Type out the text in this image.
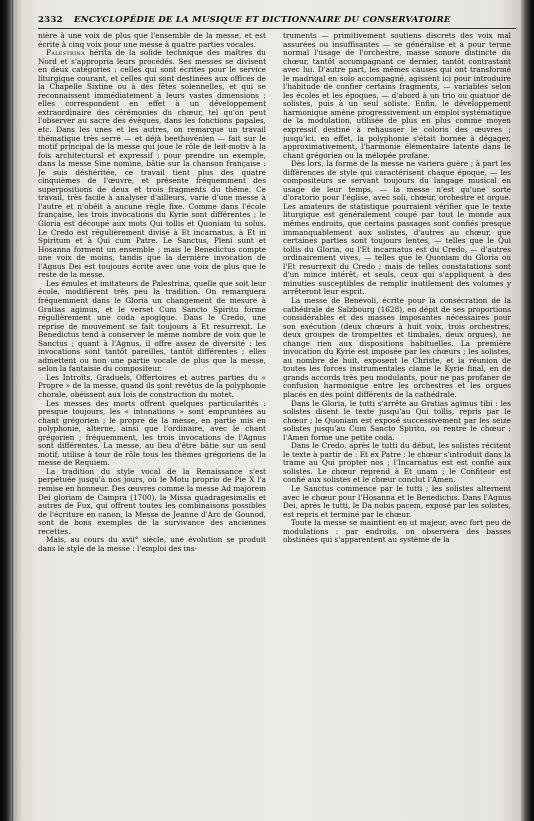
2332 ENCYCLOPÉDIE DE LA MUSIQUE ET DICTIONNAIRE DU CONSERVATOIRE

nière à une voix de plus que l'ensemble de la messe, et est écrite à cinq voix pour une messe à quatre parties vocales.

Palestrina hérita de la solide technique des maîtres du Nord et s'appropria leurs procédés. Ses messes se divisent en deux catégories : celles qui sont écrites pour le service liturgique courant, et celles qui sont destinées aux offices de la Chapelle Sixtine ou à des fêtes solennelles, et qui se reconnaissent immédiatement à leurs vastes dimensions ; elles correspondent en effet à un développement extraordinaire des cérémonies du chœur, tel qu'on peut l'observer au sacre des évêques, dans les fonctions papales, etc. Dans les unes et les autres, on remarque un travail thématique très serré — et déjà beethovénien — fait sur le motif principal de la messe qui joue le rôle de leit-motiv à la fois architectural et expressif ; pour prendre un exemple, dans la messe Sine nomine, bâtie sur la chanson française : Je suis déshéritée, ce travail tient plus des quatre cinquièmes de l'œuvre, et présente fréquemment des superpositions de deux et trois fragments du thème. Ce travail, très facile à analyser d'ailleurs, varie d'une messe à l'autre et n'obéit à aucune règle fixe. Comme dans l'école française, les trois invocations du Kyrie sont différentes ; le Gloria est découpé aux mots Qui tollis et Quoniam tu solus. Le Credo est régulièrement divisé à Et incarnatus, à Et in Spiritum et à Qui cum Patre. Le Sanctus, Pleni sunt et Hosanna forment un ensemble ; mais le Benedictus compte une voix de moins, tandis que la dernière invocation de l'Agnus Dei est toujours écrite avec une voix de plus que le reste de la messe.

Les émules et imitateurs de Palestrina, quelle que soit leur école, modifièrent très peu la tradition. On remarquera fréquemment dans le Gloria un changement de mesure à Gratias agimus, et le verset Cum Sancto Spiritu forme régulièrement une coda apogique. Dans le Credo, une reprise de mouvement se fait toujours à Et resurrexit. Le Benedictus tend à conserver le même nombre de voix que le Sanctus ; quant à l'Agnus, il offre assez de diversité : les invocations sont tantôt pareilles, tantôt différentes ; elles admettent ou non une partie vocale de plus que la messe, selon la fantaisie du compositeur.

Les Introïts, Graduels, Offertoires et autres parties du « Propre » de la messe, quand ils sont revêtus de la polyphonie chorale, obéissent aux lois de construction du motet.

Les messes des morts offrent quelques particularités : presque toujours, les « intonations » sont empruntées au chant grégorien ; le propre de la messe, en partie mis en polyphonie, alterne, ainsi que l'ordinaire, avec le chant grégorien ; fréquemment, les trois invocations de l'Agnus sont différentes. La messe, au lieu d'être bâtie sur un seul motif, utilise à tour de rôle tous les thèmes grégoriens de la messe de Requiem.

La tradition du style vocal de la Renaissance s'est perpétuée jusqu'à nos jours, où le Motu proprio de Pie X l'a remise en honneur. Des œuvres comme la messe Ad majorem Dei gloriam de Campra (1700), la Missa quadragesimalis et autres de Fux, qui offrent toutes les combinaisons possibles de l'écriture en canon, la Messe de Jeanne d'Arc de Gounod, sont de bons exemples de la survivance des anciennes recettes.

Mais, au cours du xvii° siècle, une évolution se produit dans le style de la messe : l'emploi des ins-

truments — primitivement soutiens discrets des voix mal assurées ou insuffisantes — se généralise et a pour terme normal l'usage de l'orchestre, masse sonore distincte du chœur, tantôt accompagnant ce dernier, tantôt contrastant avec lui. D'autre part, les mêmes causes qui ont transformé le madrigal en solo accompagné, agissent ici pour introduire l'habitude de confier certains fragments, — variables selon les écoles et les époques, — d'abord à un trio ou quatuor de solistes, puis à un seul soliste. Enfin, le développement harmonique amène progressivement un emploi systématique de la modulation, utilisée de plus en plus comme moyen expressif destiné à rehausser le coloris des œuvres ; jusqu'ici, en effet, la polyphonie s'était bornée à dégager, approximativement, l'harmonie élémentaire latente dans le chant grégorien ou la mélopée profane.

Dès lors, la forme de la messe ne variera guère ; à part les différences de style qui caractérisent chaque époque, — les compositeurs se servant toujours du langage musical en usage de leur temps, — la messe n'est qu'une sorte d'oratorio pour l'église, avec soli, chœur, orchestre et orgue. Les amateurs de statistique pourraient vérifier que le texte liturgique est généralement coupé par tout le monde aux mêmes endroits, que certains passages sont confiés presque immanquablement aux solistes, d'autres au chœur, que certaines parties sont toujours lentes, — telles que le Qui tollis du Gloria, ou l'Et incarnatus est du Credo, — d'autres ordinairement vives, — telles que le Quoniam du Gloria ou l'Et resurrexit du Credo ; mais de telles constatations sont d'un mince intérêt, et seuls, ceux qui s'appliquent à des minuties susceptibles de remplir inutilement des volumes y arrêteront leur esprit.

La messe de Benevoli, écrite pour la consécration de la cathédrale de Salzbourg (1628), en dépit de ses proportions considérables et des masses imposantes nécessaires pour son exécution (deux chœurs à huit voix, trois orchestres, deux groupes de trompettes et timbales, deux orgues), ne change rien aux dispositions habituelles. La première invocation du Kyrie est imposée par les chœurs ; les solistes, au nombre de huit, exposent le Christe, et la réunion de toutes les forces instrumentales clame le Kyrie final, en de grands accords très peu modulants, pour ne pas profaner de confusion harmonique entre les orchestres et les orgues placés en des point différents de la cathédrale.

Dans le Gloria, le tutti s'arrête au Gratias agimus tibi : les solistes disent le texte jusqu'au Qui tollis, repris par le chœur ; le Quoniam est exposé successivement par les seize solistes jusqu'au Cum Sancto Spiritu, où rentre le chœur ; l'Amen forme une petite coda.

Dans le Credo, après le tutti du début, les solistes récitent le texte à partir de : Et ex Patre ; le chœur s'introduit dans la trame au Qui propter nos ; l'Incarnatus est est confié aux solistes. Le chœur reprend à Et unam ; le Confiteor est confié aux solistes et le chœur conclut l'Amen.

Le Sanctus commence par le tutti ; les solistes alternent avec le chœur pour l'Hosanna et le Benedictus. Dans l'Agnus Dei, après le tutti, le Da nobis pacem, exposé par les solistes, est repris et terminé par le chœur.

Toute la messe se maintient en ut majeur, avec fort peu de modulations : par endroits, on observera des basses obstinées qui s'apparentent au système de la
